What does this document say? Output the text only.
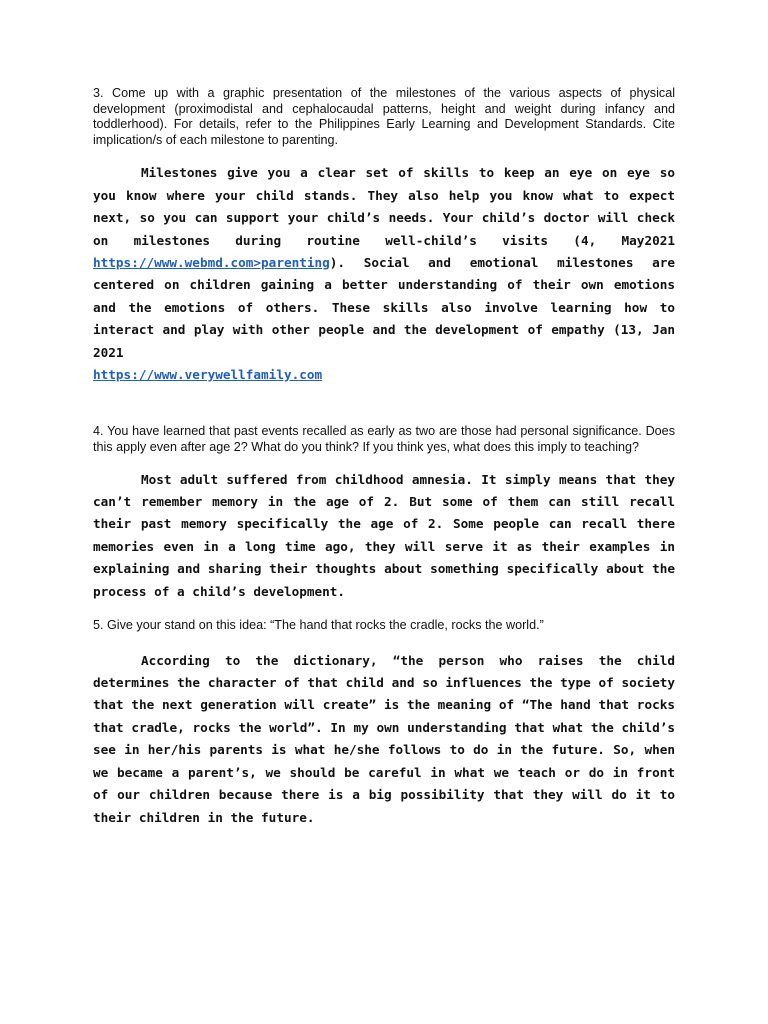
3. Come up with a graphic presentation of the milestones of the various aspects of physical development (proximodistal and cephalocaudal patterns, height and weight during infancy and toddlerhood). For details, refer to the Philippines Early Learning and Development Standards. Cite implication/s of each milestone to parenting.

Milestones give you a clear set of skills to keep an eye on eye so you know where your child stands. They also help you know what to expect next, so you can support your child’s needs. Your child’s doctor will check on milestones during routine well-child’s visits (4, May2021 https://www.webmd.com>parenting). Social and emotional milestones are centered on children gaining a better understanding of their own emotions and the emotions of others. These skills also involve learning how to interact and play with other people and the development of empathy (13, Jan 2021
https://www.verywellfamily.com

4. You have learned that past events recalled as early as two are those had personal significance. Does this apply even after age 2? What do you think? If you think yes, what does this imply to teaching?

Most adult suffered from childhood amnesia. It simply means that they can’t remember memory in the age of 2. But some of them can still recall their past memory specifically the age of 2. Some people can recall there memories even in a long time ago, they will serve it as their examples in explaining and sharing their thoughts about something specifically about the process of a child’s development.

5. Give your stand on this idea: “The hand that rocks the cradle, rocks the world.”

According to the dictionary, “the person who raises the child determines the character of that child and so influences the type of society that the next generation will create” is the meaning of “The hand that rocks that cradle, rocks the world”. In my own understanding that what the child’s see in her/his parents is what he/she follows to do in the future. So, when we became a parent’s, we should be careful in what we teach or do in front of our children because there is a big possibility that they will do it to their children in the future.
